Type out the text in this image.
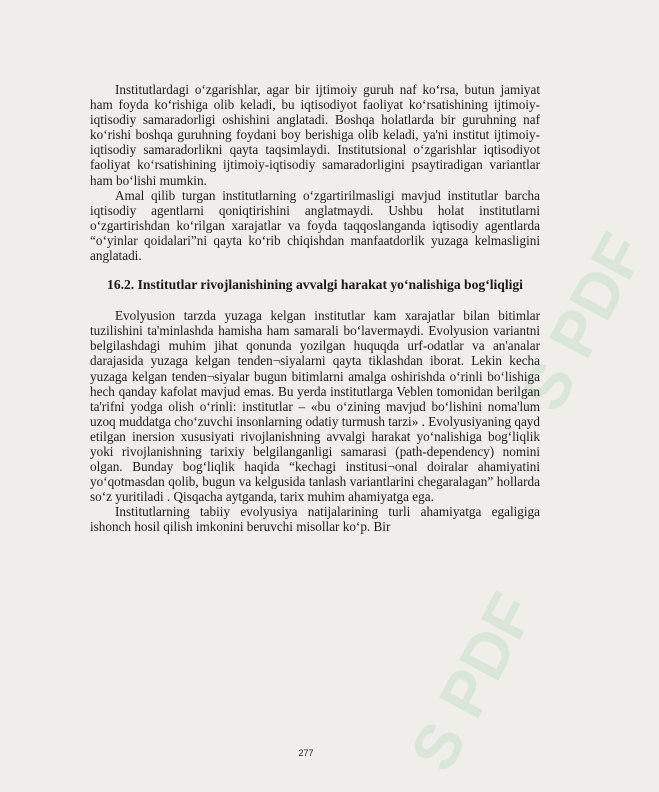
S PDF
S PDF

Institutlardagi o‘zgarishlar, agar bir ijtimoiy guruh naf ko‘rsa, butun jamiyat ham foyda ko‘rishiga olib keladi, bu iqtisodiyot faoliyat ko‘rsatishining ijtimoiy-iqtisodiy samaradorligi oshishini anglatadi. Boshqa holatlarda bir guruhning naf ko‘rishi boshqa guruhning foydani boy berishiga olib keladi, ya'ni institut ijtimoiy-iqtisodiy samaradorlikni qayta taqsimlaydi. Institutsional o‘zgarishlar iqtisodiyot faoliyat ko‘rsatishining ijtimoiy-iqtisodiy samaradorligini psaytiradigan variantlar ham bo‘lishi mumkin.

Amal qilib turgan institutlarning o‘zgartirilmasligi mavjud institutlar barcha iqtisodiy agentlarni qoniqtirishini anglatmaydi. Ushbu holat institutlarni o‘zgartirishdan ko‘rilgan xarajatlar va foyda taqqoslanganda iqtisodiy agentlarda “o‘yinlar qoidalari”ni qayta ko‘rib chiqishdan manfaatdorlik yuzaga kelmasligini anglatadi.

16.2. Institutlar rivojlanishining avvalgi harakat yo‘nalishiga bog‘liqligi

Evolyusion tarzda yuzaga kelgan institutlar kam xarajatlar bilan bitimlar tuzilishini ta'minlashda hamisha ham samarali bo‘lavermaydi. Evolyusion variantni belgilashdagi muhim jihat qonunda yozilgan huquqda urf-odatlar va an'analar darajasida yuzaga kelgan tenden¬siyalarni qayta tiklashdan iborat. Lekin kecha yuzaga kelgan tenden¬siyalar bugun bitimlarni amalga oshirishda o‘rinli bo‘lishiga hech qanday kafolat mavjud emas. Bu yerda institutlarga Veblen tomonidan berilgan ta'rifni yodga olish o‘rinli: institutlar – «bu o‘zining mavjud bo‘lishini noma'lum uzoq muddatga cho‘zuvchi insonlarning odatiy turmush tarzi» . Evolyusiyaning qayd etilgan inersion xususiyati rivojlanishning avvalgi harakat yo‘nalishiga bog‘liqlik yoki rivojlanishning tarixiy belgilanganligi samarasi (path-dependency) nomini olgan. Bunday bog‘liqlik haqida “kechagi institusi¬onal doiralar ahamiyatini yo‘qotmasdan qolib, bugun va kelgusida tanlash variantlarini chegaralagan” hollarda so‘z yuritiladi . Qisqacha aytganda, tarix muhim ahamiyatga ega.

Institutlarning tabiiy evolyusiya natijalarining turli ahamiyatga egaligiga ishonch hosil qilish imkonini beruvchi misollar ko‘p. Bir

277
